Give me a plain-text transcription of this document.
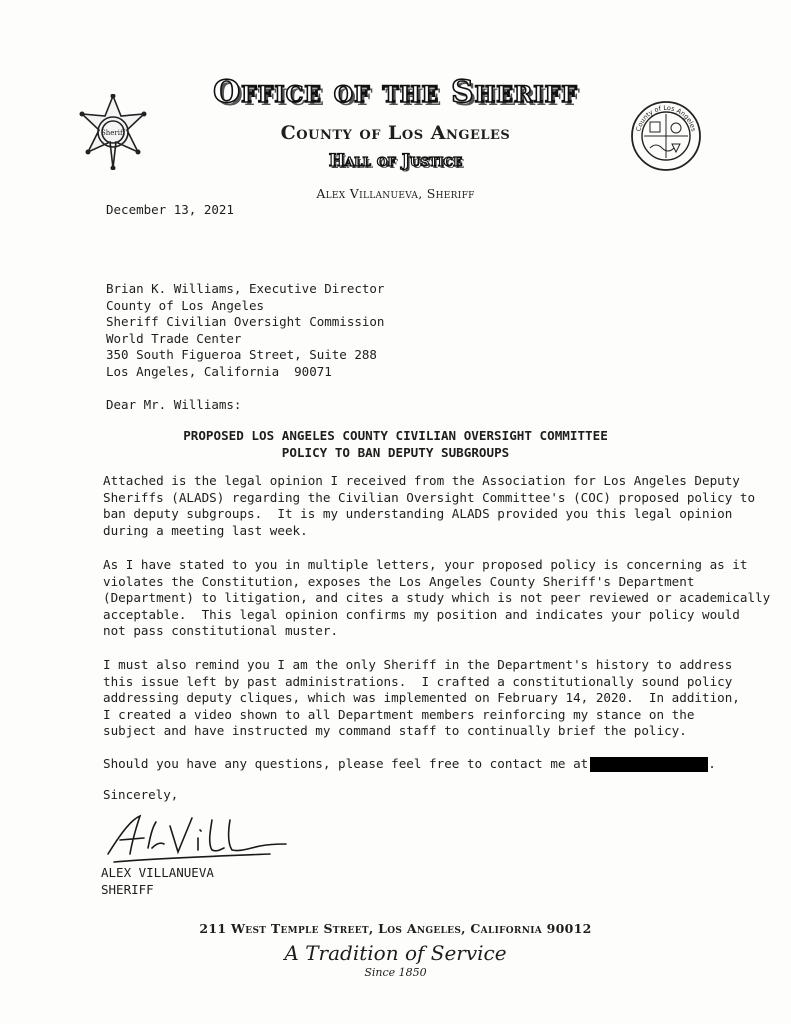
Sheriff	County of Los Angeles
Office of the Sheriff
County of Los Angeles
Hall of Justice
Alex Villanueva, Sheriff
December 13, 2021
Brian K. Williams, Executive Director
County of Los Angeles
Sheriff Civilian Oversight Commission
World Trade Center
350 South Figueroa Street, Suite 288
Los Angeles, California  90071
Dear Mr. Williams:
PROPOSED LOS ANGELES COUNTY CIVILIAN OVERSIGHT COMMITTEE
POLICY TO BAN DEPUTY SUBGROUPS
Attached is the legal opinion I received from the Association for Los Angeles Deputy
Sheriffs (ALADS) regarding the Civilian Oversight Committee's (COC) proposed policy to
ban deputy subgroups.  It is my understanding ALADS provided you this legal opinion
during a meeting last week.
As I have stated to you in multiple letters, your proposed policy is concerning as it
violates the Constitution, exposes the Los Angeles County Sheriff's Department
(Department) to litigation, and cites a study which is not peer reviewed or academically
acceptable.  This legal opinion confirms my position and indicates your policy would
not pass constitutional muster.
I must also remind you I am the only Sheriff in the Department's history to address
this issue left by past administrations.  I crafted a constitutionally sound policy
addressing deputy cliques, which was implemented on February 14, 2020.  In addition,
I created a video shown to all Department members reinforcing my stance on the
subject and have instructed my command staff to continually brief the policy.
Should you have any questions, please feel free to contact me at	.
Sincerely,
ALEX VILLANUEVA
SHERIFF
211 West Temple Street, Los Angeles, California 90012
A Tradition of Service
Since 1850
